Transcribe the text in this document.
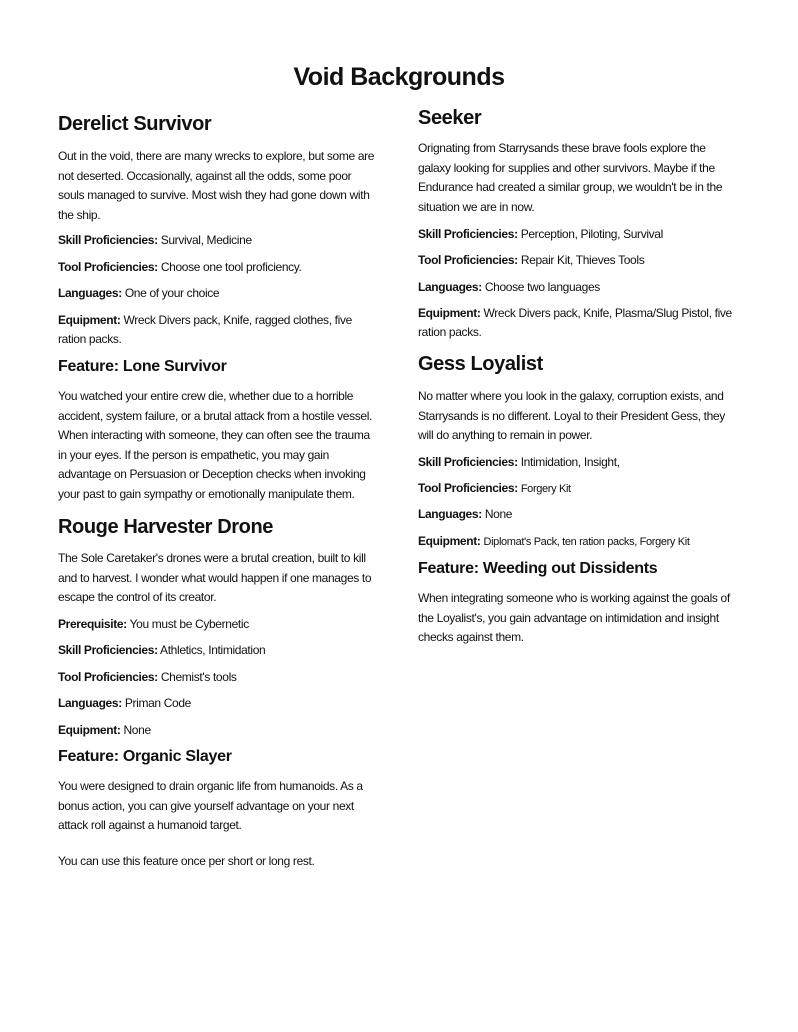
Void Backgrounds
Derelict Survivor

Out in the void, there are many wrecks to explore, but some are not deserted. Occasionally, against all the odds, some poor souls managed to survive. Most wish they had gone down with the ship.

Skill Proficiencies: Survival, Medicine

Tool Proficiencies: Choose one tool proficiency.

Languages: One of your choice

Equipment: Wreck Divers pack, Knife, ragged clothes, five ration packs.

Feature: Lone Survivor

You watched your entire crew die, whether due to a horrible accident, system failure, or a brutal attack from a hostile vessel. When interacting with someone, they can often see the trauma in your eyes. If the person is empathetic, you may gain advantage on Persuasion or Deception checks when invoking your past to gain sympathy or emotionally manipulate them.

Rouge Harvester Drone

The Sole Caretaker's drones were a brutal creation, built to kill and to harvest. I wonder what would happen if one manages to escape the control of its creator.

Prerequisite: You must be Cybernetic

Skill Proficiencies: Athletics, Intimidation

Tool Proficiencies: Chemist's tools

Languages: Priman Code

Equipment: None

Feature: Organic Slayer

You were designed to drain organic life from humanoids. As a bonus action, you can give yourself advantage on your next attack roll against a humanoid target.

You can use this feature once per short or long rest.

Seeker

Orignating from Starrysands these brave fools explore the galaxy looking for supplies and other survivors. Maybe if the Endurance had created a similar group, we wouldn't be in the situation we are in now.

Skill Proficiencies: Perception, Piloting, Survival

Tool Proficiencies: Repair Kit, Thieves Tools

Languages: Choose two languages

Equipment: Wreck Divers pack, Knife, Plasma/Slug Pistol, five ration packs.

Gess Loyalist

No matter where you look in the galaxy, corruption exists, and Starrysands is no different. Loyal to their President Gess, they will do anything to remain in power.

Skill Proficiencies: Intimidation, Insight,

Tool Proficiencies: Forgery Kit

Languages: None

Equipment: Diplomat's Pack, ten ration packs, Forgery Kit

Feature: Weeding out Dissidents

When integrating someone who is working against the goals of the Loyalist's, you gain advantage on intimidation and insight checks against them.
